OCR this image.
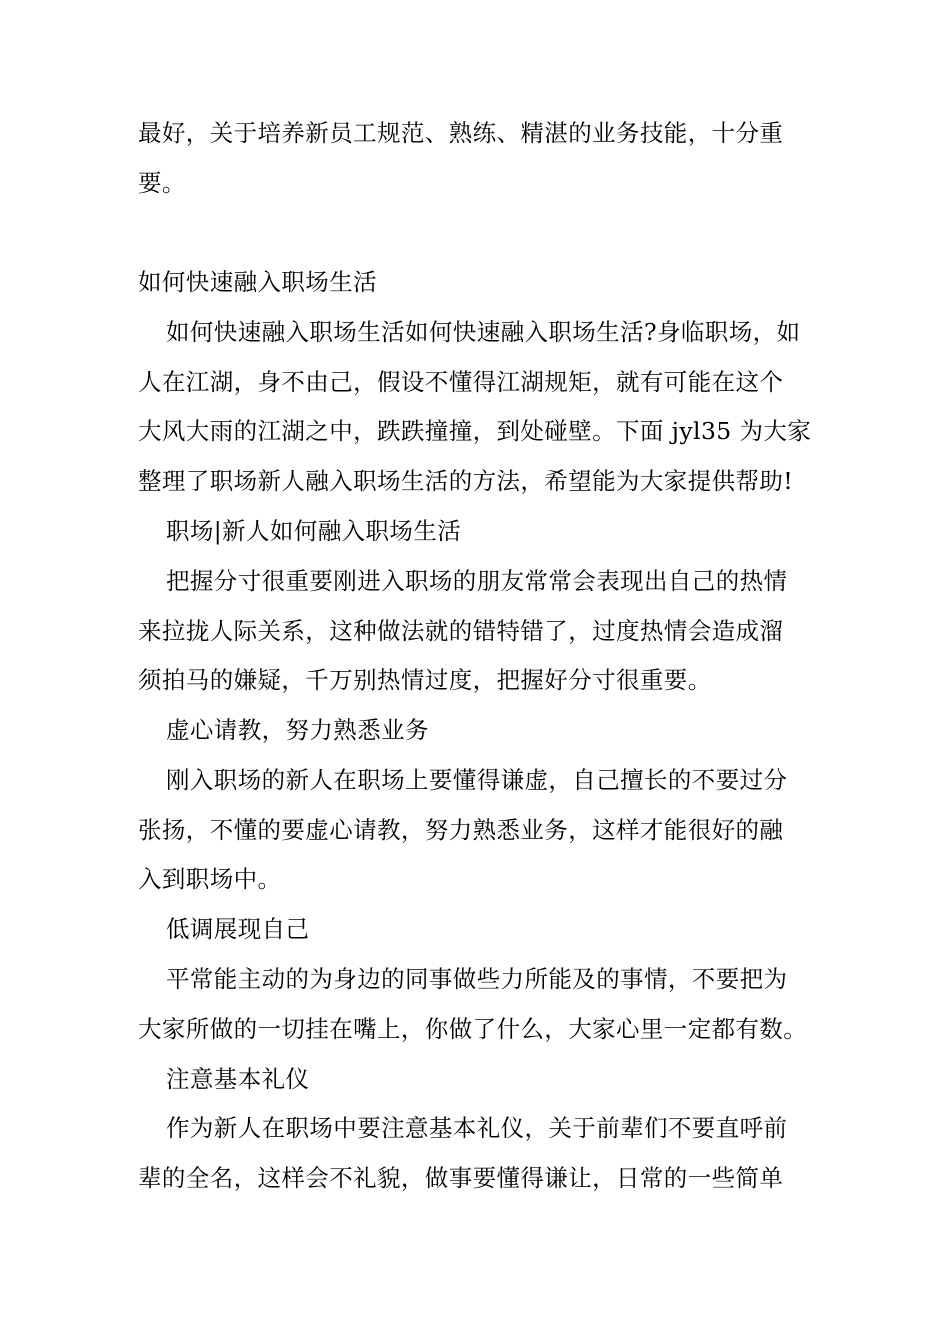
最好，关于培养新员工规范、熟练、精湛的业务技能，十分重

要。

如何快速融入职场生活

如何快速融入职场生活如何快速融入职场生活?身临职场，如

人在江湖，身不由己，假设不懂得江湖规矩，就有可能在这个

大风大雨的江湖之中，跌跌撞撞，到处碰壁。下面 jyl35 为大家

整理了职场新人融入职场生活的方法，希望能为大家提供帮助!

职场|新人如何融入职场生活

把握分寸很重要刚进入职场的朋友常常会表现出自己的热情

来拉拢人际关系，这种做法就的错特错了，过度热情会造成溜

须拍马的嫌疑，千万别热情过度，把握好分寸很重要。

虚心请教，努力熟悉业务

刚入职场的新人在职场上要懂得谦虚，自己擅长的不要过分

张扬，不懂的要虚心请教，努力熟悉业务，这样才能很好的融

入到职场中。

低调展现自己

平常能主动的为身边的同事做些力所能及的事情，不要把为

大家所做的一切挂在嘴上，你做了什么，大家心里一定都有数。

注意基本礼仪

作为新人在职场中要注意基本礼仪，关于前辈们不要直呼前

辈的全名，这样会不礼貌，做事要懂得谦让，日常的一些简单
